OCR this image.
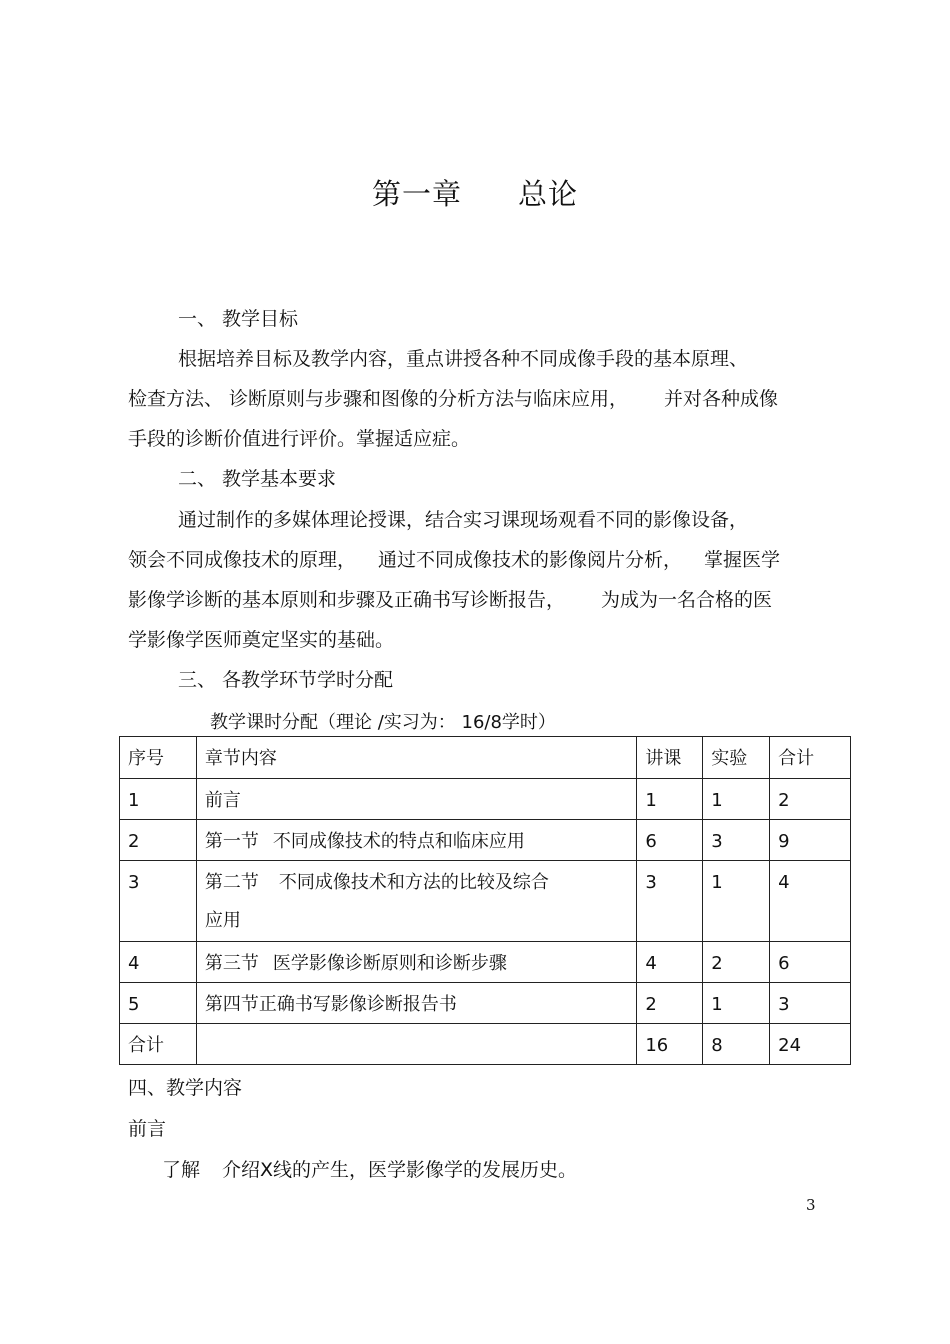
第一章 总论
一、 教学目标
根据培养目标及教学内容，重点讲授各种不同成像手段的基本原理、
检查方法、 诊断原则与步骤和图像的分析方法与临床应用， 并对各种成像
手段的诊断价值进行评价。掌握适应症。
二、 教学基本要求
通过制作的多媒体理论授课，结合实习课现场观看不同的影像设备，
领会不同成像技术的原理， 通过不同成像技术的影像阅片分析， 掌握医学
影像学诊断的基本原则和步骤及正确书写诊断报告， 为成为一名合格的医
学影像学医师奠定坚实的基础。
三、 各教学环节学时分配
教学课时分配（理论 /实习为： 16/8学时）
序号	章节内容	讲课	实验	合计
1	前言	1	1	2
2	第一节 不同成像技术的特点和临床应用	6	3	9
3	第二节 不同成像技术和方法的比较及综合
应用	3	1	4
4	第三节 医学影像诊断原则和诊断步骤	4	2	6
5	第四节正确书写影像诊断报告书	2	1	3
合计		16	8	24
四、教学内容
前言
了解 介绍X线的产生，医学影像学的发展历史。
3
